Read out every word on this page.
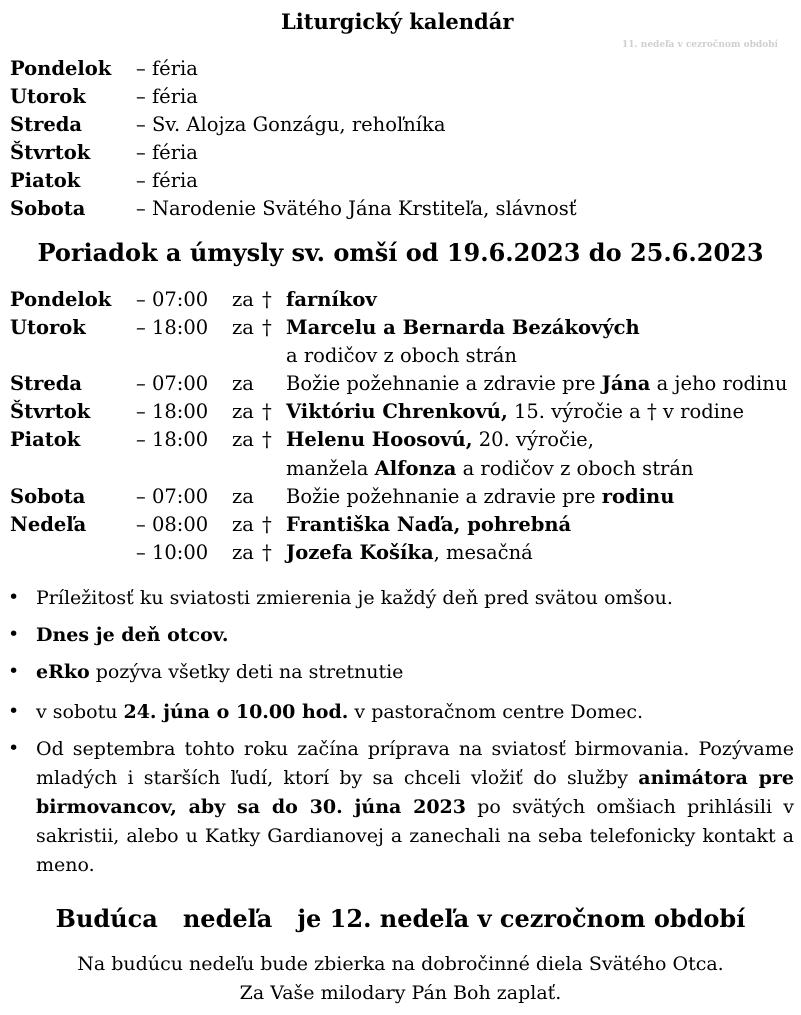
Liturgický kalendár
11. nedeľa v cezročnom období
Pondelok – féria
Utorok	– féria
Streda	– Sv. Alojza Gonzágu, rehoľníka
Štvrtok – féria
Piatok	– féria
Sobota	– Narodenie Svätého Jána Krstiteľa, slávnosť
Poriadok a úmysly sv. omší od 19.6.2023 do 25.6.2023
Pondelok – 07:00 za † farníkov
Utorok	– 18:00 za † Marcelu a Bernarda Bezákových
a rodičov z oboch strán
Streda	– 07:00 za Božie požehnanie a zdravie pre Jána a jeho rodinu
Štvrtok – 18:00 za † Viktóriu Chrenkovú, 15. výročie a † v rodine
Piatok	– 18:00 za † Helenu Hoosovú, 20. výročie,
manžela Alfonza a rodičov z oboch strán
Sobota	– 07:00 za Božie požehnanie a zdravie pre rodinu
Nedeľa	– 08:00 za † Františka Naďa, pohrebná
– 10:00 za † Jozefa Košíka, mesačná
• Príležitosť ku sviatosti zmierenia je každý deň pred svätou omšou.
• Dnes je deň otcov.
• eRko pozýva všetky deti na stretnutie
• v sobotu 24. júna o 10.00 hod. v pastoračnom centre Domec.
• Od septembra tohto roku začína príprava na sviatosť birmovania. Pozývame mladých i starších ľudí, ktorí by sa chceli vložiť do služby animátora pre birmovancov, aby sa do 30. júna 2023 po svätých omšiach prihlásili v sakristii, alebo u Katky Gardianovej a zanechali na seba telefonicky kontakt a meno.
Budúca   nedeľa   je 12. nedeľa v cezročnom období
Na budúcu nedeľu bude zbierka na dobročinné diela Svätého Otca.
Za Vaše milodary Pán Boh zaplať.
